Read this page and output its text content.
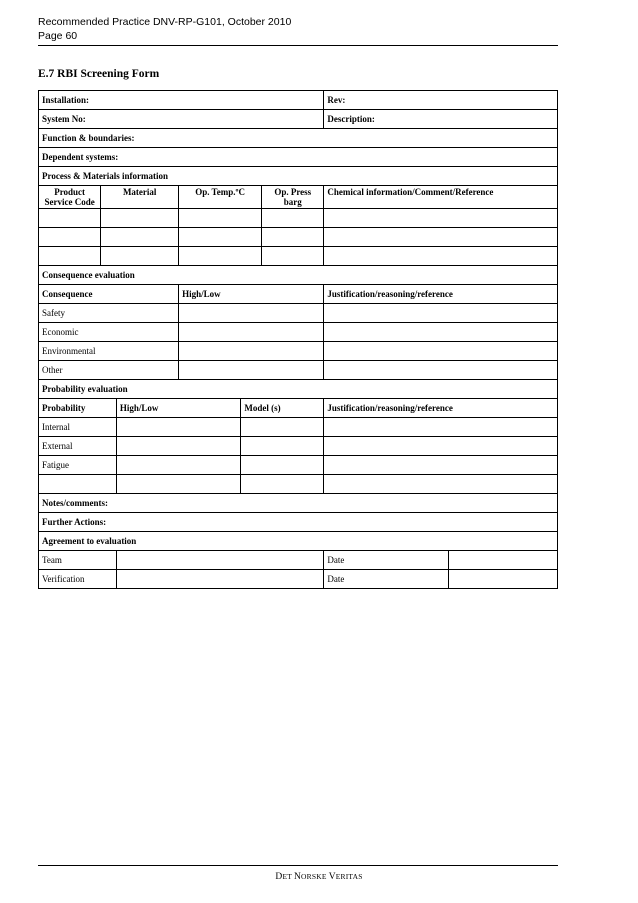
Recommended Practice DNV-RP-G101, October 2010
Page 60
E.7 RBI Screening Form
Installation:						Rev:	
System No:						Description:	
Function & boundaries:							
Dependent systems:							
Process & Materials information							
Product Service Code	Material		Op. Temp.ºC		Op. Press barg	Chemical information/Comment/Reference	

Consequence evaluation							
Consequence			High/Low			Justification/reasoning/reference	
Safety							
Economic							
Environmental							
Other							
Probability evaluation							
Probability		High/Low		Model (s)		Justification/reasoning/reference	
Internal							
External							
Fatigue							

Notes/comments:							
Further Actions:							
Agreement to evaluation							
Team						Date	
Verification						Date	
DET NORSKE VERITAS
